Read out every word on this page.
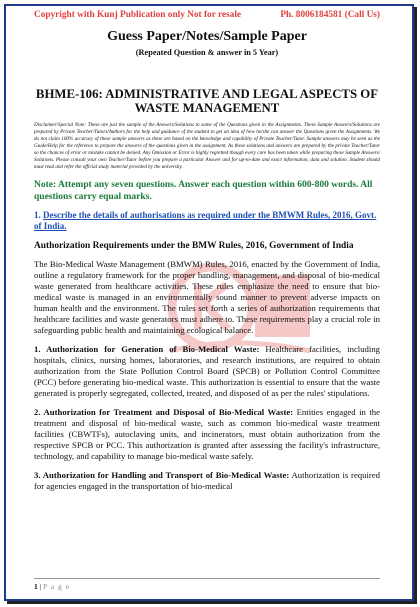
Copyright with Kunj Publication only Not for resale	Ph. 8006184581 (Call Us)
Guess Paper/Notes/Sample Paper
(Repeated Question & answer in 5 Year)
BHME-106: ADMINISTRATIVE AND LEGAL ASPECTS OF WASTE MANAGEMENT
Disclaimer/Special Note: These are just the sample of the Answers/Solutions to some of the Questions given in the Assignments. These Sample Answers/Solutions are prepared by Private Teacher/Tutors/Authors for the help and guidance of the student to get an idea of how he/she can answer the Questions given the Assignments. We do not claim 100% accuracy of these sample answers as these are based on the knowledge and capability of Private Teacher/Tutor. Sample answers may be seen as the Guide/Help for the reference to prepare the answers of the questions given in the assignment. As these solutions and answers are prepared by the private Teacher/Tutor so the chances of error or mistake cannot be denied. Any Omission or Error is highly regretted though every care has been taken while preparing these Sample Answers/ Solutions. Please consult your own Teacher/Tutor before you prepare a particular Answer and for up-to-date and exact information, data and solution. Student should must read and refer the official study material provided by the university.
Note: Attempt any seven questions. Answer each question within 600-800 words. All questions carry equal marks.
1. Describe the details of authorisations as required under the BMWM Rules, 2016, Govt. of India.
Authorization Requirements under the BMW Rules, 2016, Government of India
The Bio-Medical Waste Management (BMWM) Rules, 2016, enacted by the Government of India, outline a regulatory framework for the proper handling, management, and disposal of bio-medical waste generated from healthcare activities. These rules emphasize the need to ensure that bio-medical waste is managed in an environmentally sound manner to prevent adverse impacts on human health and the environment. The rules set forth a series of authorization requirements that healthcare facilities and waste generators must adhere to. These requirements play a crucial role in safeguarding public health and maintaining ecological balance.
1. Authorization for Generation of Bio-Medical Waste: Healthcare facilities, including hospitals, clinics, nursing homes, laboratories, and research institutions, are required to obtain authorization from the State Pollution Control Board (SPCB) or Pollution Control Committee (PCC) before generating bio-medical waste. This authorization is essential to ensure that the waste generated is properly segregated, collected, treated, and disposed of as per the rules' stipulations.
2. Authorization for Treatment and Disposal of Bio-Medical Waste: Entities engaged in the treatment and disposal of bio-medical waste, such as common bio-medical waste treatment facilities (CBWTFs), autoclaving units, and incinerators, must obtain authorization from the respective SPCB or PCC. This authorization is granted after assessing the facility's infrastructure, technology, and capability to manage bio-medical waste safely.
3. Authorization for Handling and Transport of Bio-Medical Waste: Authorization is required for agencies engaged in the transportation of bio-medical
1 | P a g e
